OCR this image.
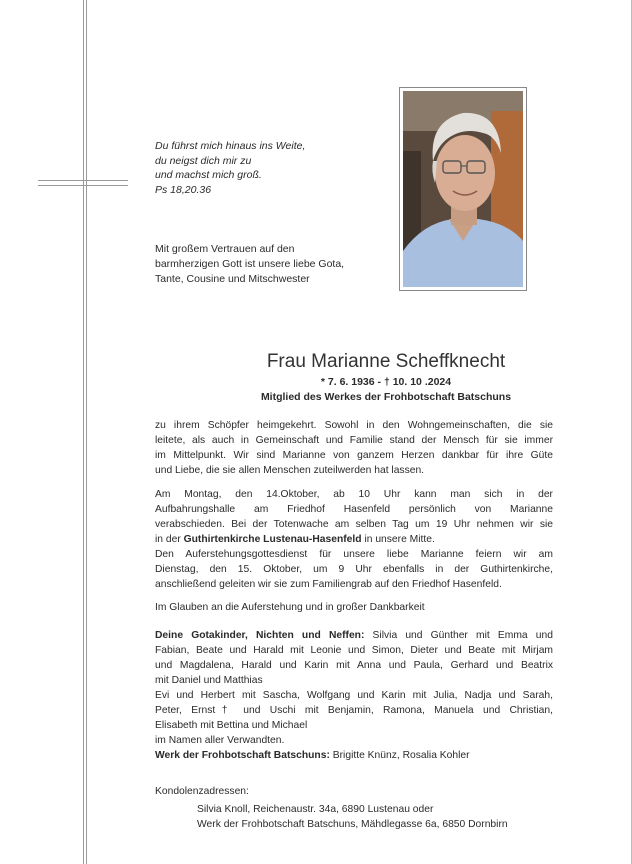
Du führst mich hinaus ins Weite,
du neigst dich mir zu
und machst mich groß.
Ps 18,20.36
Mit großem Vertrauen auf den
barmherzigen Gott ist unsere liebe Gota,
Tante, Cousine und Mitschwester
Frau Marianne Scheffknecht
* 7. 6. 1936 - † 10. 10 .2024
Mitglied des Werkes der Frohbotschaft Batschuns
zu ihrem Schöpfer heimgekehrt. Sowohl in den Wohngemeinschaften, die sie
leitete, als auch in Gemeinschaft und Familie stand der Mensch für sie immer
im Mittelpunkt. Wir sind Marianne von ganzem Herzen dankbar für ihre Güte
und Liebe, die sie allen Menschen zuteilwerden hat lassen.
Am Montag, den 14.Oktober, ab 10 Uhr kann man sich in der
Aufbahrungshalle am Friedhof Hasenfeld persönlich von Marianne
verabschieden. Bei der Totenwache am selben Tag um 19 Uhr nehmen wir sie
in der Guthirtenkirche Lustenau-Hasenfeld in unsere Mitte.
Den Auferstehungsgottesdienst für unsere liebe Marianne feiern wir am
Dienstag, den 15. Oktober, um 9 Uhr ebenfalls in der Guthirtenkirche,
anschließend geleiten wir sie zum Familiengrab auf den Friedhof Hasenfeld.
Im Glauben an die Auferstehung und in großer Dankbarkeit
Deine Gotakinder, Nichten und Neffen: Silvia und Günther mit Emma und
Fabian, Beate und Harald mit Leonie und Simon, Dieter und Beate mit Mirjam
und Magdalena, Harald und Karin mit Anna und Paula, Gerhard und Beatrix
mit Daniel und Matthias
Evi und Herbert mit Sascha, Wolfgang und Karin mit Julia, Nadja und Sarah,
Peter, Ernst† und Uschi mit Benjamin, Ramona, Manuela und Christian,
Elisabeth mit Bettina und Michael
im Namen aller Verwandten.
Werk der Frohbotschaft Batschuns: Brigitte Knünz, Rosalia Kohler
Kondolenzadressen:
Silvia Knoll, Reichenaustr. 34a, 6890 Lustenau oder
Werk der Frohbotschaft Batschuns, Mähdlegasse 6a, 6850 Dornbirn
